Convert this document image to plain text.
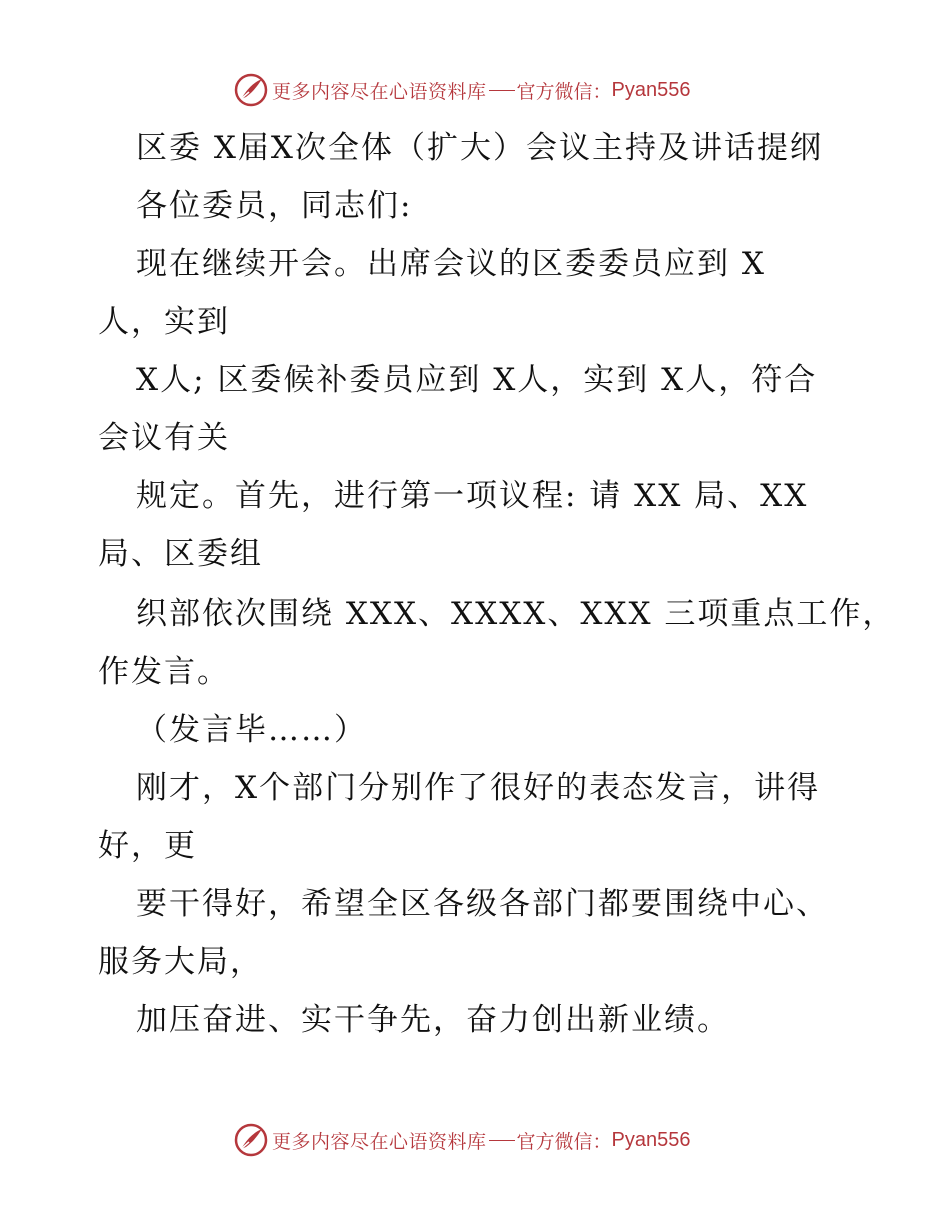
更多内容尽在心语资料库 官方微信： Pyan556
区委 X届X次全体（扩大）会议主持及讲话提纲
各位委员，同志们:
现在继续开会。出席会议的区委委员应到 X
人，实到
X人; 区委候补委员应到 X人，实到 X人，符合
会议有关
规定。首先，进行第一项议程: 请 XX 局、XX
局、区委组
织部依次围绕 XXX、XXXX、XXX 三项重点工作，
作发言。
（发言毕……）
刚才，X个部门分别作了很好的表态发言，讲得
好，更
要干得好，希望全区各级各部门都要围绕中心、
服务大局，
加压奋进、实干争先，奋力创出新业绩。
更多内容尽在心语资料库 官方微信： Pyan556
